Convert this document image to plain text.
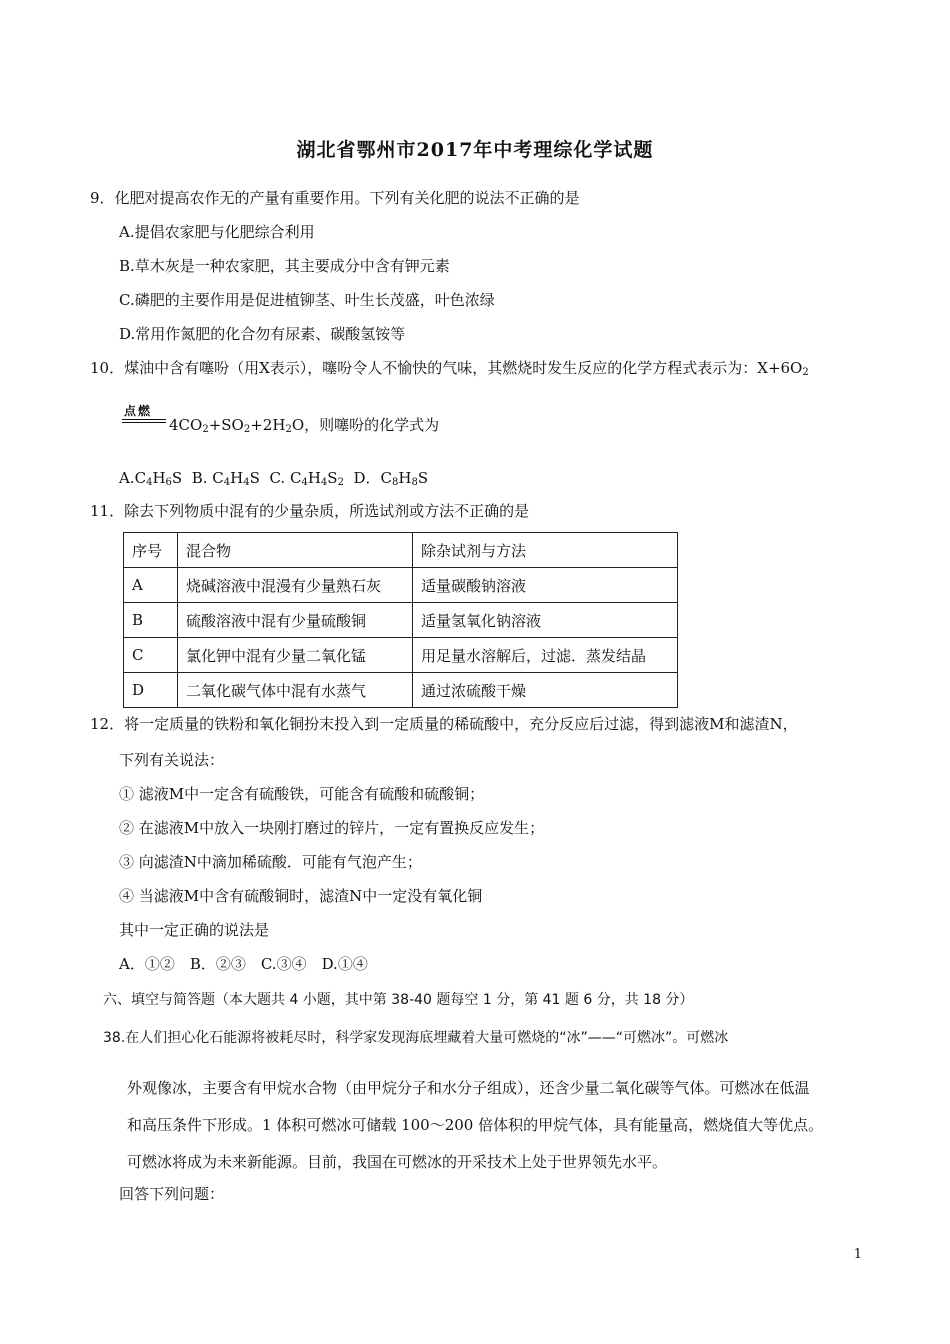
湖北省鄂州市2017年中考理综化学试题
9．化肥对提高农作无的产量有重要作用。下列有关化肥的说法不正确的是
A.提倡农家肥与化肥综合利用
B.草木灰是一种农家肥，其主要成分中含有钾元素
C.磷肥的主要作用是促进植铆茎、叶生长茂盛，叶色浓绿
D.常用作氮肥的化合勿有尿素、碳酸氢铵等
10．煤油中含有噻吩（用X表示），噻吩令人不愉快的气味，其燃烧时发生反应的化学方程式表示为：$X+6O_2$
点燃
$4CO_2+SO_2+2H_2O$，则噻吩的化学式为
$A.C_4H_6S$ B. $C_4H_4S$ C. $C_4H_4S_2$ D．$C_8H_8S$
11．除去下列物质中混有的少量杂质，所选试剂或方法不正确的是
序号	混合物	除杂试剂与方法
A	烧碱溶液中混漫有少量熟石灰	适量碳酸钠溶液
B	硫酸溶液中混有少量硫酸铜	适量氢氧化钠溶液
C	氯化钾中混有少量二氧化锰	用足量水溶解后，过滤．蒸发结晶
D	二氧化碳气体中混有水蒸气	通过浓硫酸干燥
12．将一定质量的铁粉和氧化铜扮末投入到一定质量的稀硫酸中，充分反应后过滤，得到滤液M和滤渣N，
下列有关说法：
① 滤液M中一定含有硫酸铁，可能含有硫酸和硫酸铜；
② 在滤液M中放入一块刚打磨过的锌片，一定有置换反应发生；
③ 向滤渣N中滴加稀硫酸．可能有气泡产生；
④ 当滤液M中含有硫酸铜时，滤渣N中一定没有氧化铜
其中一定正确的说法是
A．①②　B．②③　C.③④　D.①④
六、填空与简答题（本大题共 4 小题，其中第 38-40 题每空 1 分，第 41 题 6 分，共 18 分）
38.在人们担心化石能源将被耗尽时，科学家发现海底埋藏着大量可燃烧的“冰”——“可燃冰”。可燃冰
外观像冰，主要含有甲烷水合物（由甲烷分子和水分子组成），还含少量二氧化碳等气体。可燃冰在低温
和高压条件下形成。1 体积可燃冰可储载 100～200 倍体积的甲烷气体，具有能量高，燃烧值大等优点。
可燃冰将成为未来新能源。目前，我国在可燃冰的开采技术上处于世界领先水平。
回答下列问题：
1
